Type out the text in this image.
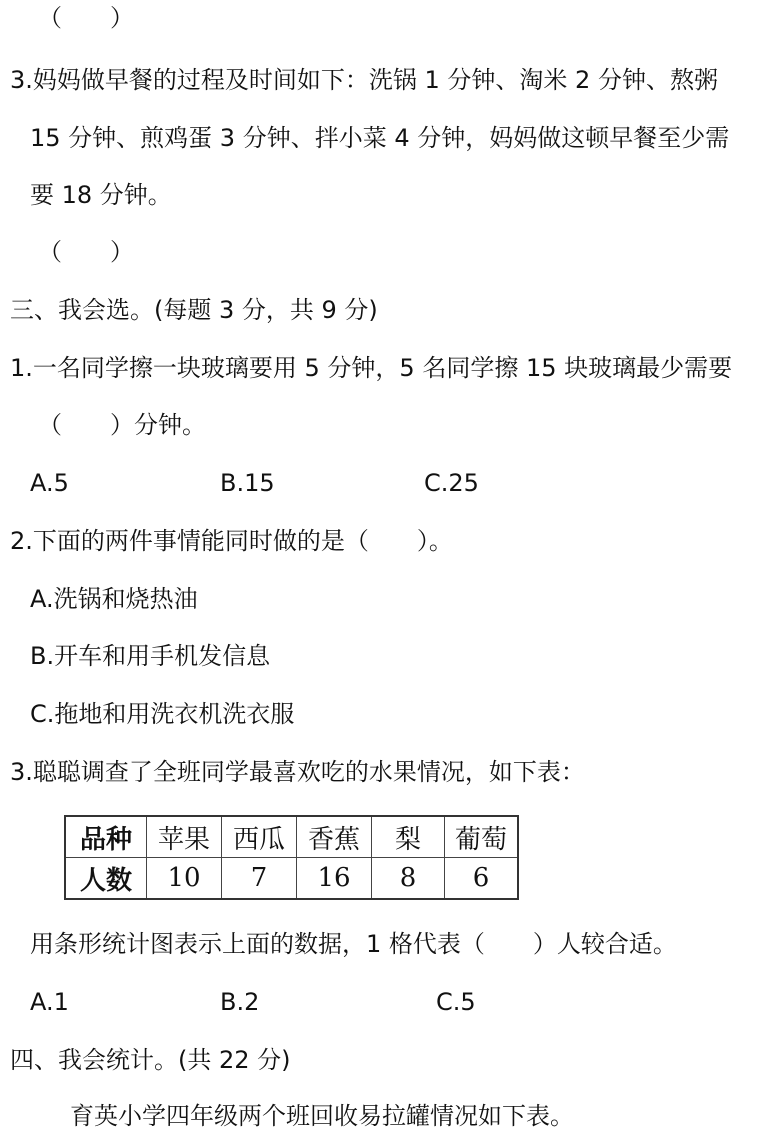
（　　）
3.妈妈做早餐的过程及时间如下：洗锅 1 分钟、淘米 2 分钟、熬粥
15 分钟、煎鸡蛋 3 分钟、拌小菜 4 分钟，妈妈做这顿早餐至少需
要 18 分钟。
（　　）
三、我会选。(每题 3 分，共 9 分)
1.一名同学擦一块玻璃要用 5 分钟，5 名同学擦 15 块玻璃最少需要
（　　）分钟。
A.5	B.15	C.25
2.下面的两件事情能同时做的是（　　）。
A.洗锅和烧热油
B.开车和用手机发信息
C.拖地和用洗衣机洗衣服
3.聪聪调查了全班同学最喜欢吃的水果情况，如下表：
品种	苹果	西瓜	香蕉	梨	葡萄
人数	10	7	16	8	6
用条形统计图表示上面的数据，1 格代表（　　）人较合适。
A.1	B.2	C.5
四、我会统计。(共 22 分)
育英小学四年级两个班回收易拉罐情况如下表。
